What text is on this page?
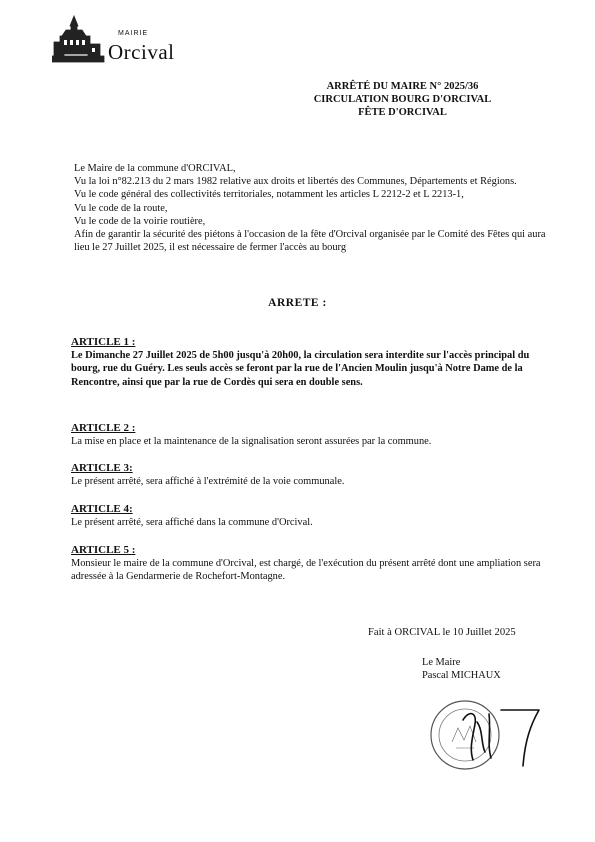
MAIRIE
Orcival
ARRÊTÉ DU MAIRE N° 2025/36
CIRCULATION BOURG D'ORCIVAL
FÊTE D'ORCIVAL

Le Maire de la commune d'ORCIVAL,

Vu la loi n°82.213 du 2 mars 1982 relative aux droits et libertés des Communes, Départements et Régions.

Vu le code général des collectivités territoriales, notamment les articles L 2212-2 et L 2213-1,

Vu le code de la route,

Vu le code de la voirie routière,

Afin de garantir la sécurité des piétons à l'occasion de la fête d'Orcival organisée par le Comité des Fêtes qui aura lieu le 27 Juillet 2025, il est nécessaire de fermer l'accès au bourg

ARRETE :
ARTICLE 1 :

Le Dimanche 27 Juillet 2025 de 5h00 jusqu'à 20h00, la circulation sera interdite sur l'accès principal du bourg, rue du Guéry. Les seuls accès se feront par la rue de l'Ancien Moulin jusqu'à Notre Dame de la Rencontre, ainsi que par la rue de Cordès qui sera en double sens.

ARTICLE 2 :

La mise en place et la maintenance de la signalisation seront assurées par la commune.

ARTICLE 3:

Le présent arrêté, sera affiché à l'extrémité de la voie communale.

ARTICLE 4:

Le présent arrêté, sera affiché dans la commune d'Orcival.

ARTICLE 5 :

Monsieur le maire de la commune d'Orcival, est chargé, de l'exécution du présent arrêté dont une ampliation sera adressée à la Gendarmerie de Rochefort-Montagne.

Fait à ORCIVAL le 10 Juillet 2025
Le Maire
Pascal MICHAUX
